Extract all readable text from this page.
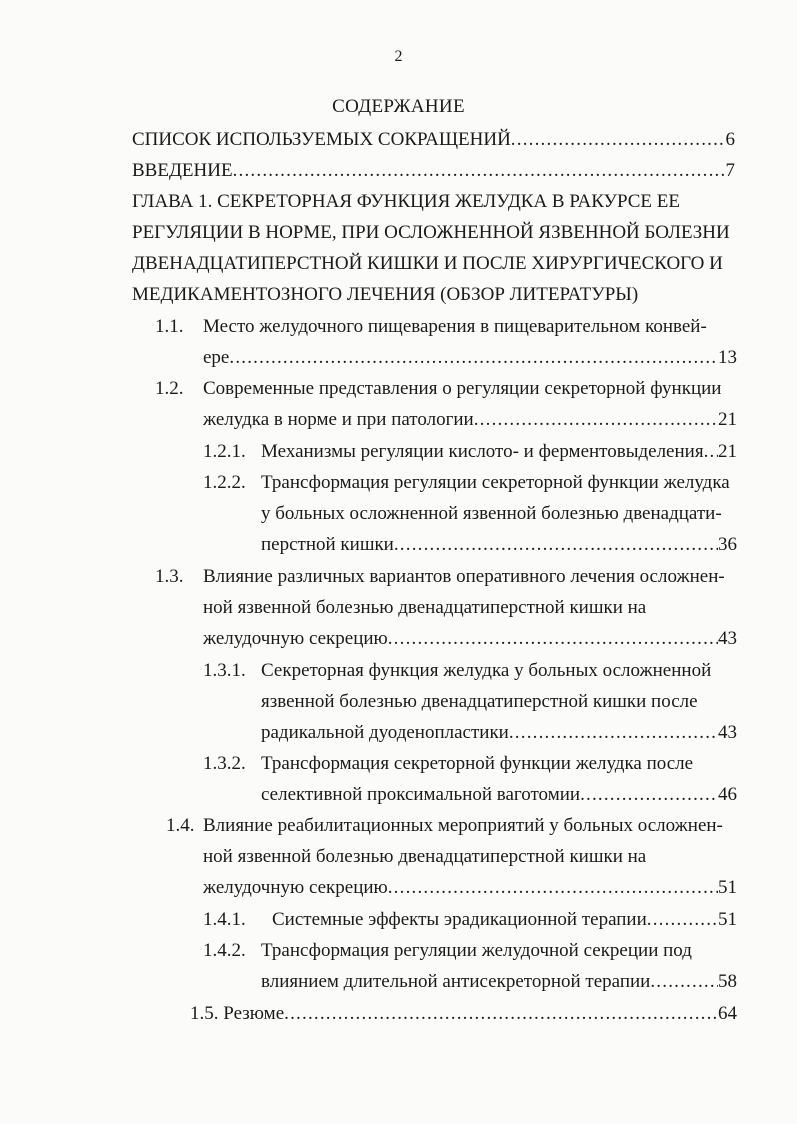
2
СОДЕРЖАНИЕ
СПИСОК ИСПОЛЬЗУЕМЫХ СОКРАЩЕНИЙ .....	6
ВВЕДЕНИЕ .....	7
ГЛАВА 1. СЕКРЕТОРНАЯ ФУНКЦИЯ ЖЕЛУДКА В РАКУРСЕ ЕЕ
РЕГУЛЯЦИИ В НОРМЕ, ПРИ ОСЛОЖНЕННОЙ ЯЗВЕННОЙ БОЛЕЗНИ
ДВЕНАДЦАТИПЕРСТНОЙ КИШКИ И ПОСЛЕ ХИРУРГИЧЕСКОГО И
МЕДИКАМЕНТОЗНОГО ЛЕЧЕНИЯ (ОБЗОР ЛИТЕРАТУРЫ)
1.1. Место желудочного пищеварения в пищеварительном конвей-
ере .....	13
1.2. Современные представления о регуляции секреторной функции
желудка в норме и при патологии .....	21
1.2.1. Механизмы регуляции кислото- и ферментовыделения ..... 21
1.2.2. Трансформация регуляции секреторной функции желудка
у больных осложненной язвенной болезнью двенадцати-
перстной кишки .....	36
1.3. Влияние различных вариантов оперативного лечения осложнен-
ной язвенной болезнью двенадцатиперстной кишки на
желудочную секрецию .....	43
1.3.1. Секреторная функция желудка у больных осложненной
язвенной болезнью двенадцатиперстной кишки после
радикальной дуоденопластики .....	43
1.3.2. Трансформация секреторной функции желудка после
селективной проксимальной ваготомии .....	46
1.4. Влияние реабилитационных мероприятий у больных осложнен-
ной язвенной болезнью двенадцатиперстной кишки на
желудочную секрецию .....	51
1.4.1. Системные эффекты эрадикационной терапии .....	51
1.4.2. Трансформация регуляции желудочной секреции под
влиянием длительной антисекреторной терапии .....	58
1.5. Резюме .....	64
